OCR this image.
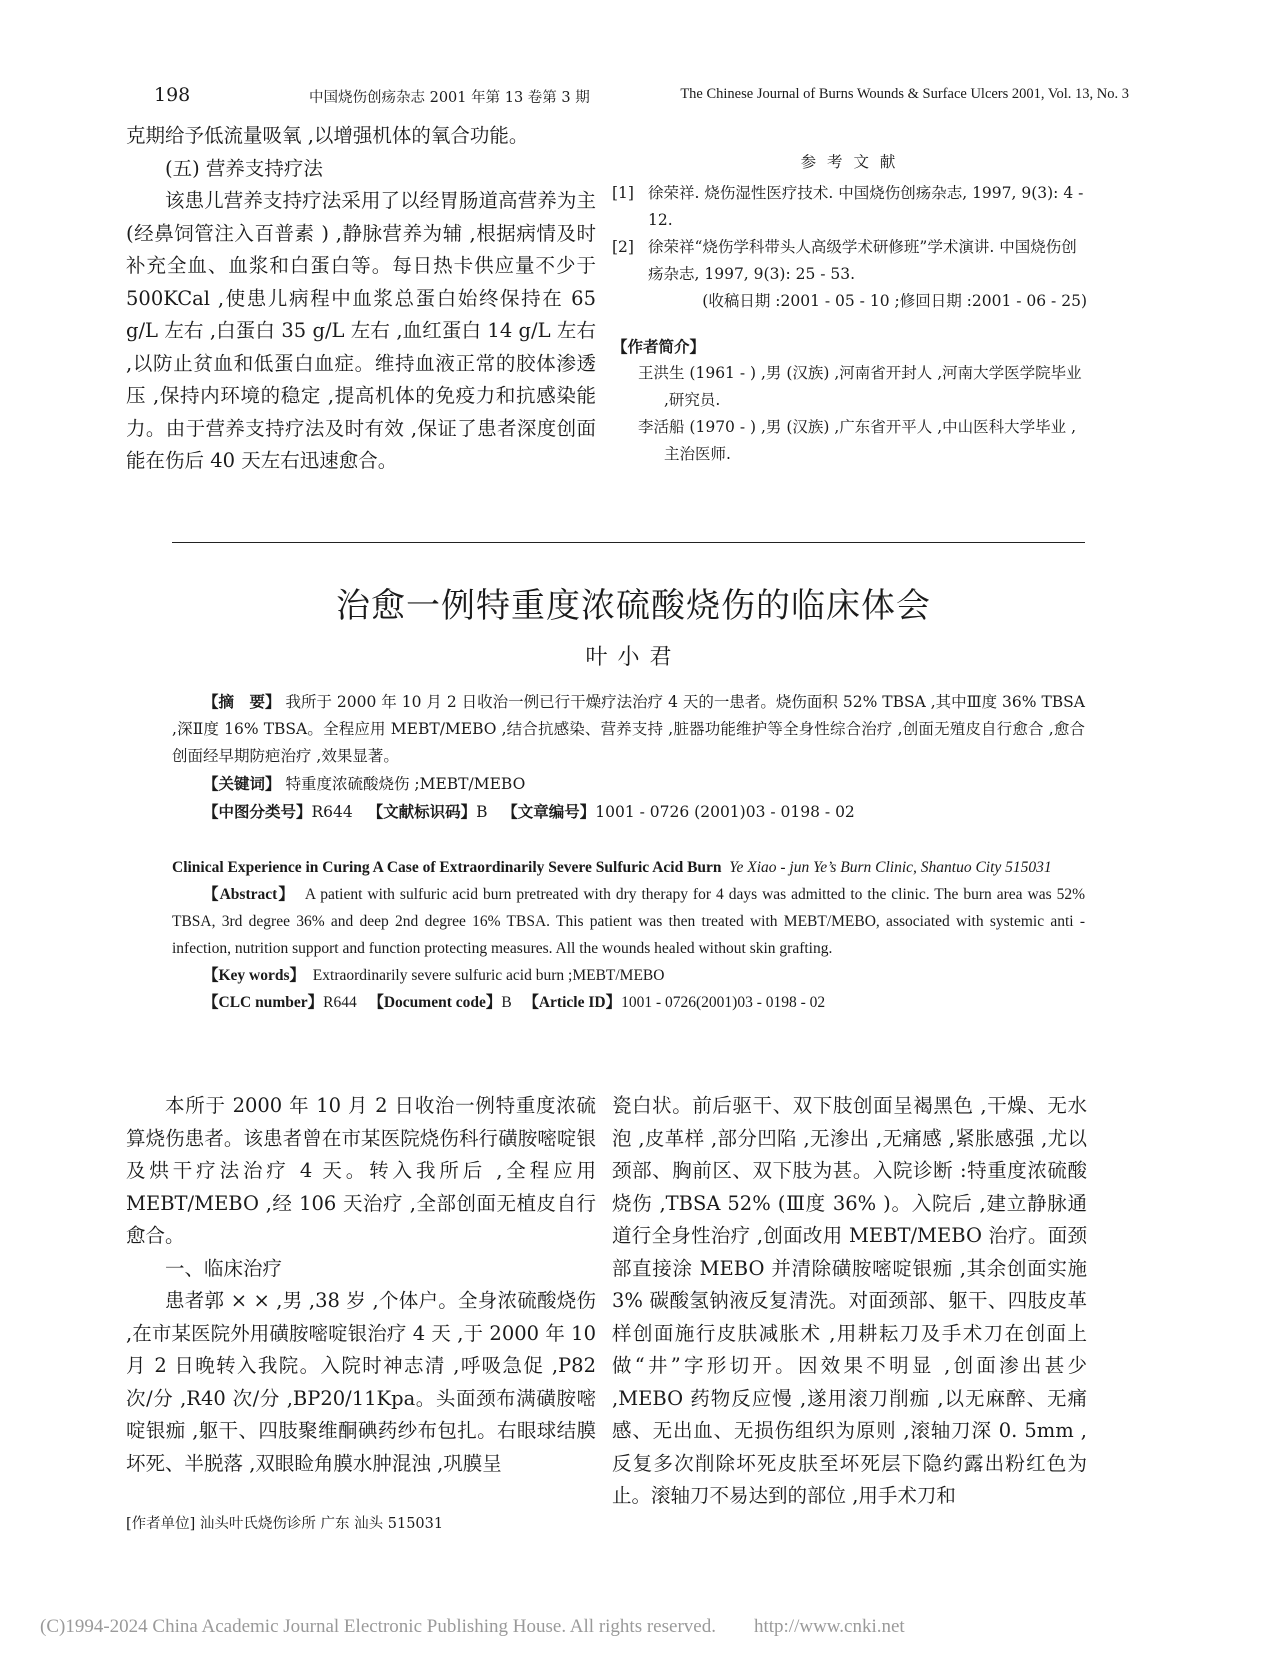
198	中国烧伤创疡杂志 2001 年第 13 卷第 3 期	The Chinese Journal of Burns Wounds & Surface Ulcers 2001, Vol. 13, No. 3

克期给予低流量吸氧 ,以增强机体的氧合功能。

(五) 营养支持疗法

该患儿营养支持疗法采用了以经胃肠道高营养为主 (经鼻饲管注入百普素 ) ,静脉营养为辅 ,根据病情及时补充全血、血浆和白蛋白等。每日热卡供应量不少于 500KCal ,使患儿病程中血浆总蛋白始终保持在 65 g/L 左右 ,白蛋白 35 g/L 左右 ,血红蛋白 14 g/L 左右 ,以防止贫血和低蛋白血症。维持血液正常的胶体渗透压 ,保持内环境的稳定 ,提高机体的免疫力和抗感染能力。由于营养支持疗法及时有效 ,保证了患者深度创面能在伤后 40 天左右迅速愈合。

参 考 文 献
[1] 徐荣祥. 烧伤湿性医疗技术. 中国烧伤创疡杂志, 1997, 9(3): 4 - 12.
[2] 徐荣祥“烧伤学科带头人高级学术研修班”学术演讲. 中国烧伤创疡杂志, 1997, 9(3): 25 - 53.
(收稿日期 :2001 - 05 - 10 ;修回日期 :2001 - 06 - 25)
【作者简介】

王洪生 (1961 - ) ,男 (汉族) ,河南省开封人 ,河南大学医学院毕业 ,研究员.

李活船 (1970 - ) ,男 (汉族) ,广东省开平人 ,中山医科大学毕业 ,主治医师.

治愈一例特重度浓硫酸烧伤的临床体会
叶小君

【摘　要】 我所于 2000 年 10 月 2 日收治一例已行干燥疗法治疗 4 天的一患者。烧伤面积 52% TBSA ,其中Ⅲ度 36% TBSA ,深Ⅱ度 16% TBSA。全程应用 MEBT/MEBO ,结合抗感染、营养支持 ,脏器功能维护等全身性综合治疗 ,创面无殖皮自行愈合 ,愈合创面经早期防疤治疗 ,效果显著。

【关键词】 特重度浓硫酸烧伤 ;MEBT/MEBO

【中图分类号】R644 【文献标识码】B 【文章编号】1001 - 0726 (2001)03 - 0198 - 02

Clinical Experience in Curing A Case of Extraordinarily Severe Sulfuric Acid Burn Ye Xiao - jun Ye’s Burn Clinic, Shantuo City 515031

【Abstract】 A patient with sulfuric acid burn pretreated with dry therapy for 4 days was admitted to the clinic. The burn area was 52% TBSA, 3rd degree 36% and deep 2nd degree 16% TBSA. This patient was then treated with MEBT/MEBO, associated with systemic anti - infection, nutrition support and function protecting measures. All the wounds healed without skin grafting.

【Key words】 Extraordinarily severe sulfuric acid burn ;MEBT/MEBO

【CLC number】R644 【Document code】B 【Article ID】1001 - 0726(2001)03 - 0198 - 02

本所于 2000 年 10 月 2 日收治一例特重度浓硫算烧伤患者。该患者曾在市某医院烧伤科行磺胺嘧啶银及烘干疗法治疗 4 天。转入我所后 ,全程应用 MEBT/MEBO ,经 106 天治疗 ,全部创面无植皮自行愈合。

一、临床治疗

患者郭 × × ,男 ,38 岁 ,个体户。全身浓硫酸烧伤 ,在市某医院外用磺胺嘧啶银治疗 4 天 ,于 2000 年 10 月 2 日晚转入我院。入院时神志清 ,呼吸急促 ,P82 次/分 ,R40 次/分 ,BP20/11Kpa。头面颈布满磺胺嘧啶银痂 ,躯干、四肢聚维酮碘药纱布包扎。右眼球结膜坏死、半脱落 ,双眼睑角膜水肿混浊 ,巩膜呈

瓷白状。前后驱干、双下肢创面呈褐黑色 ,干燥、无水泡 ,皮革样 ,部分凹陷 ,无渗出 ,无痛感 ,紧胀感强 ,尤以颈部、胸前区、双下肢为甚。入院诊断 :特重度浓硫酸烧伤 ,TBSA 52% (Ⅲ度 36% )。入院后 ,建立静脉通道行全身性治疗 ,创面改用 MEBT/MEBO 治疗。面颈部直接涂 MEBO 并清除磺胺嘧啶银痂 ,其余创面实施 3% 碳酸氢钠液反复清洗。对面颈部、躯干、四肢皮革样创面施行皮肤减胀术 ,用耕耘刀及手术刀在创面上做“井”字形切开。因效果不明显 ,创面渗出甚少 ,MEBO 药物反应慢 ,遂用滚刀削痂 ,以无麻醉、无痛感、无出血、无损伤组织为原则 ,滚轴刀深 0. 5mm ,反复多次削除坏死皮肤至坏死层下隐约露出粉红色为止。滚轴刀不易达到的部位 ,用手术刀和

[作者单位] 汕头叶氏烧伤诊所 广东 汕头 515031
(C)1994-2024 China Academic Journal Electronic Publishing House. All rights reserved.　　http://www.cnki.net
